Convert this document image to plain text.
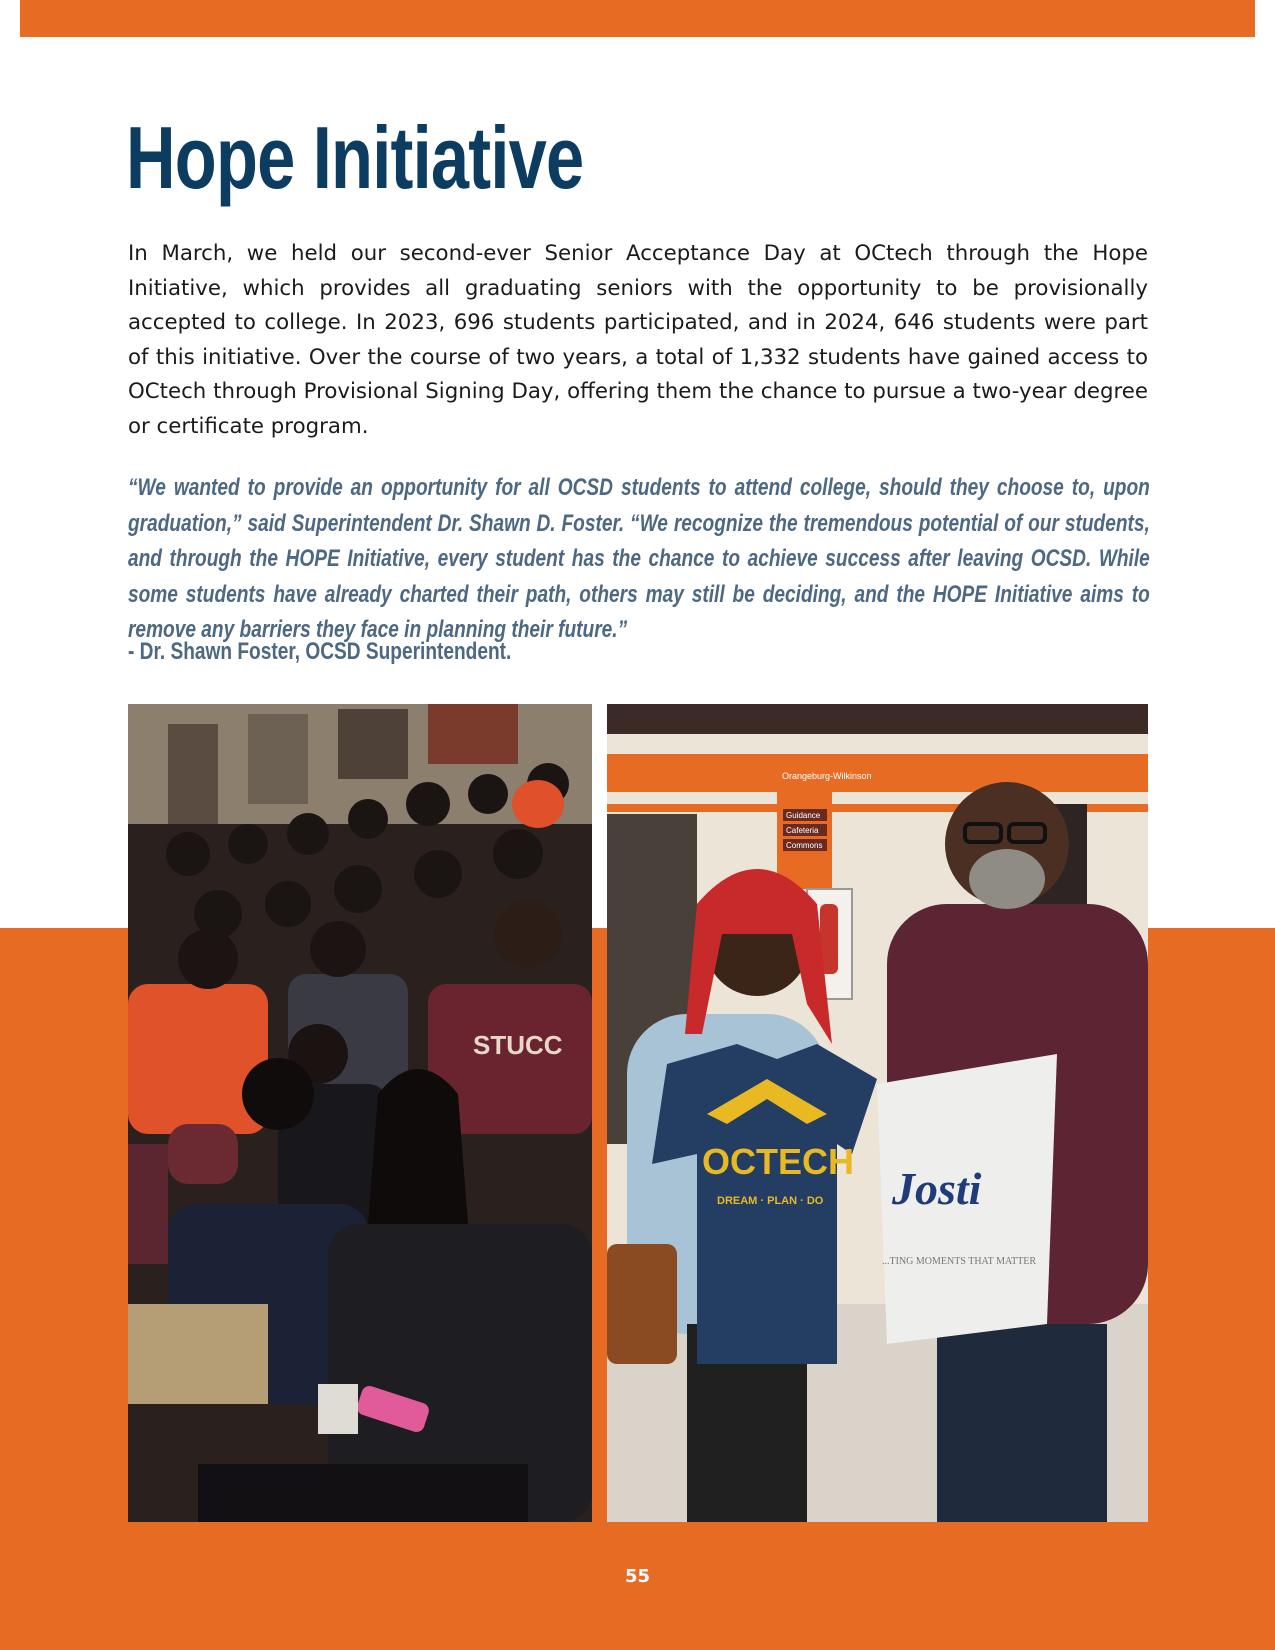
Hope Initiative

In March, we held our second-ever Senior Acceptance Day at OCtech through the Hope Initiative, which provides all graduating seniors with the opportunity to be provisionally accepted to college. In 2023, 696 students participated, and in 2024, 646 students were part of this initiative. Over the course of two years, a total of 1,332 students have gained access to OCtech through Provisional Signing Day, offering them the chance to pursue a two-year degree or certificate program.

“We wanted to provide an opportunity for all OCSD students to attend college, should they choose to, upon graduation,” said Superintendent Dr. Shawn D. Foster. “We recognize the tremendous potential of our students, and through the HOPE Initiative, every student has the chance to achieve success after leaving OCSD. While some students have already charted their path, others may still be deciding, and the HOPE Initiative aims to remove any barriers they face in planning their future.”

- Dr. Shawn Foster, OCSD Superintendent.

STUCC
Orangeburg-Wilkinson
Guidance
Cafeteria
Commons
Josti
...TING MOMENTS THAT MATTER
OCTECH
DREAM · PLAN · DO
55
